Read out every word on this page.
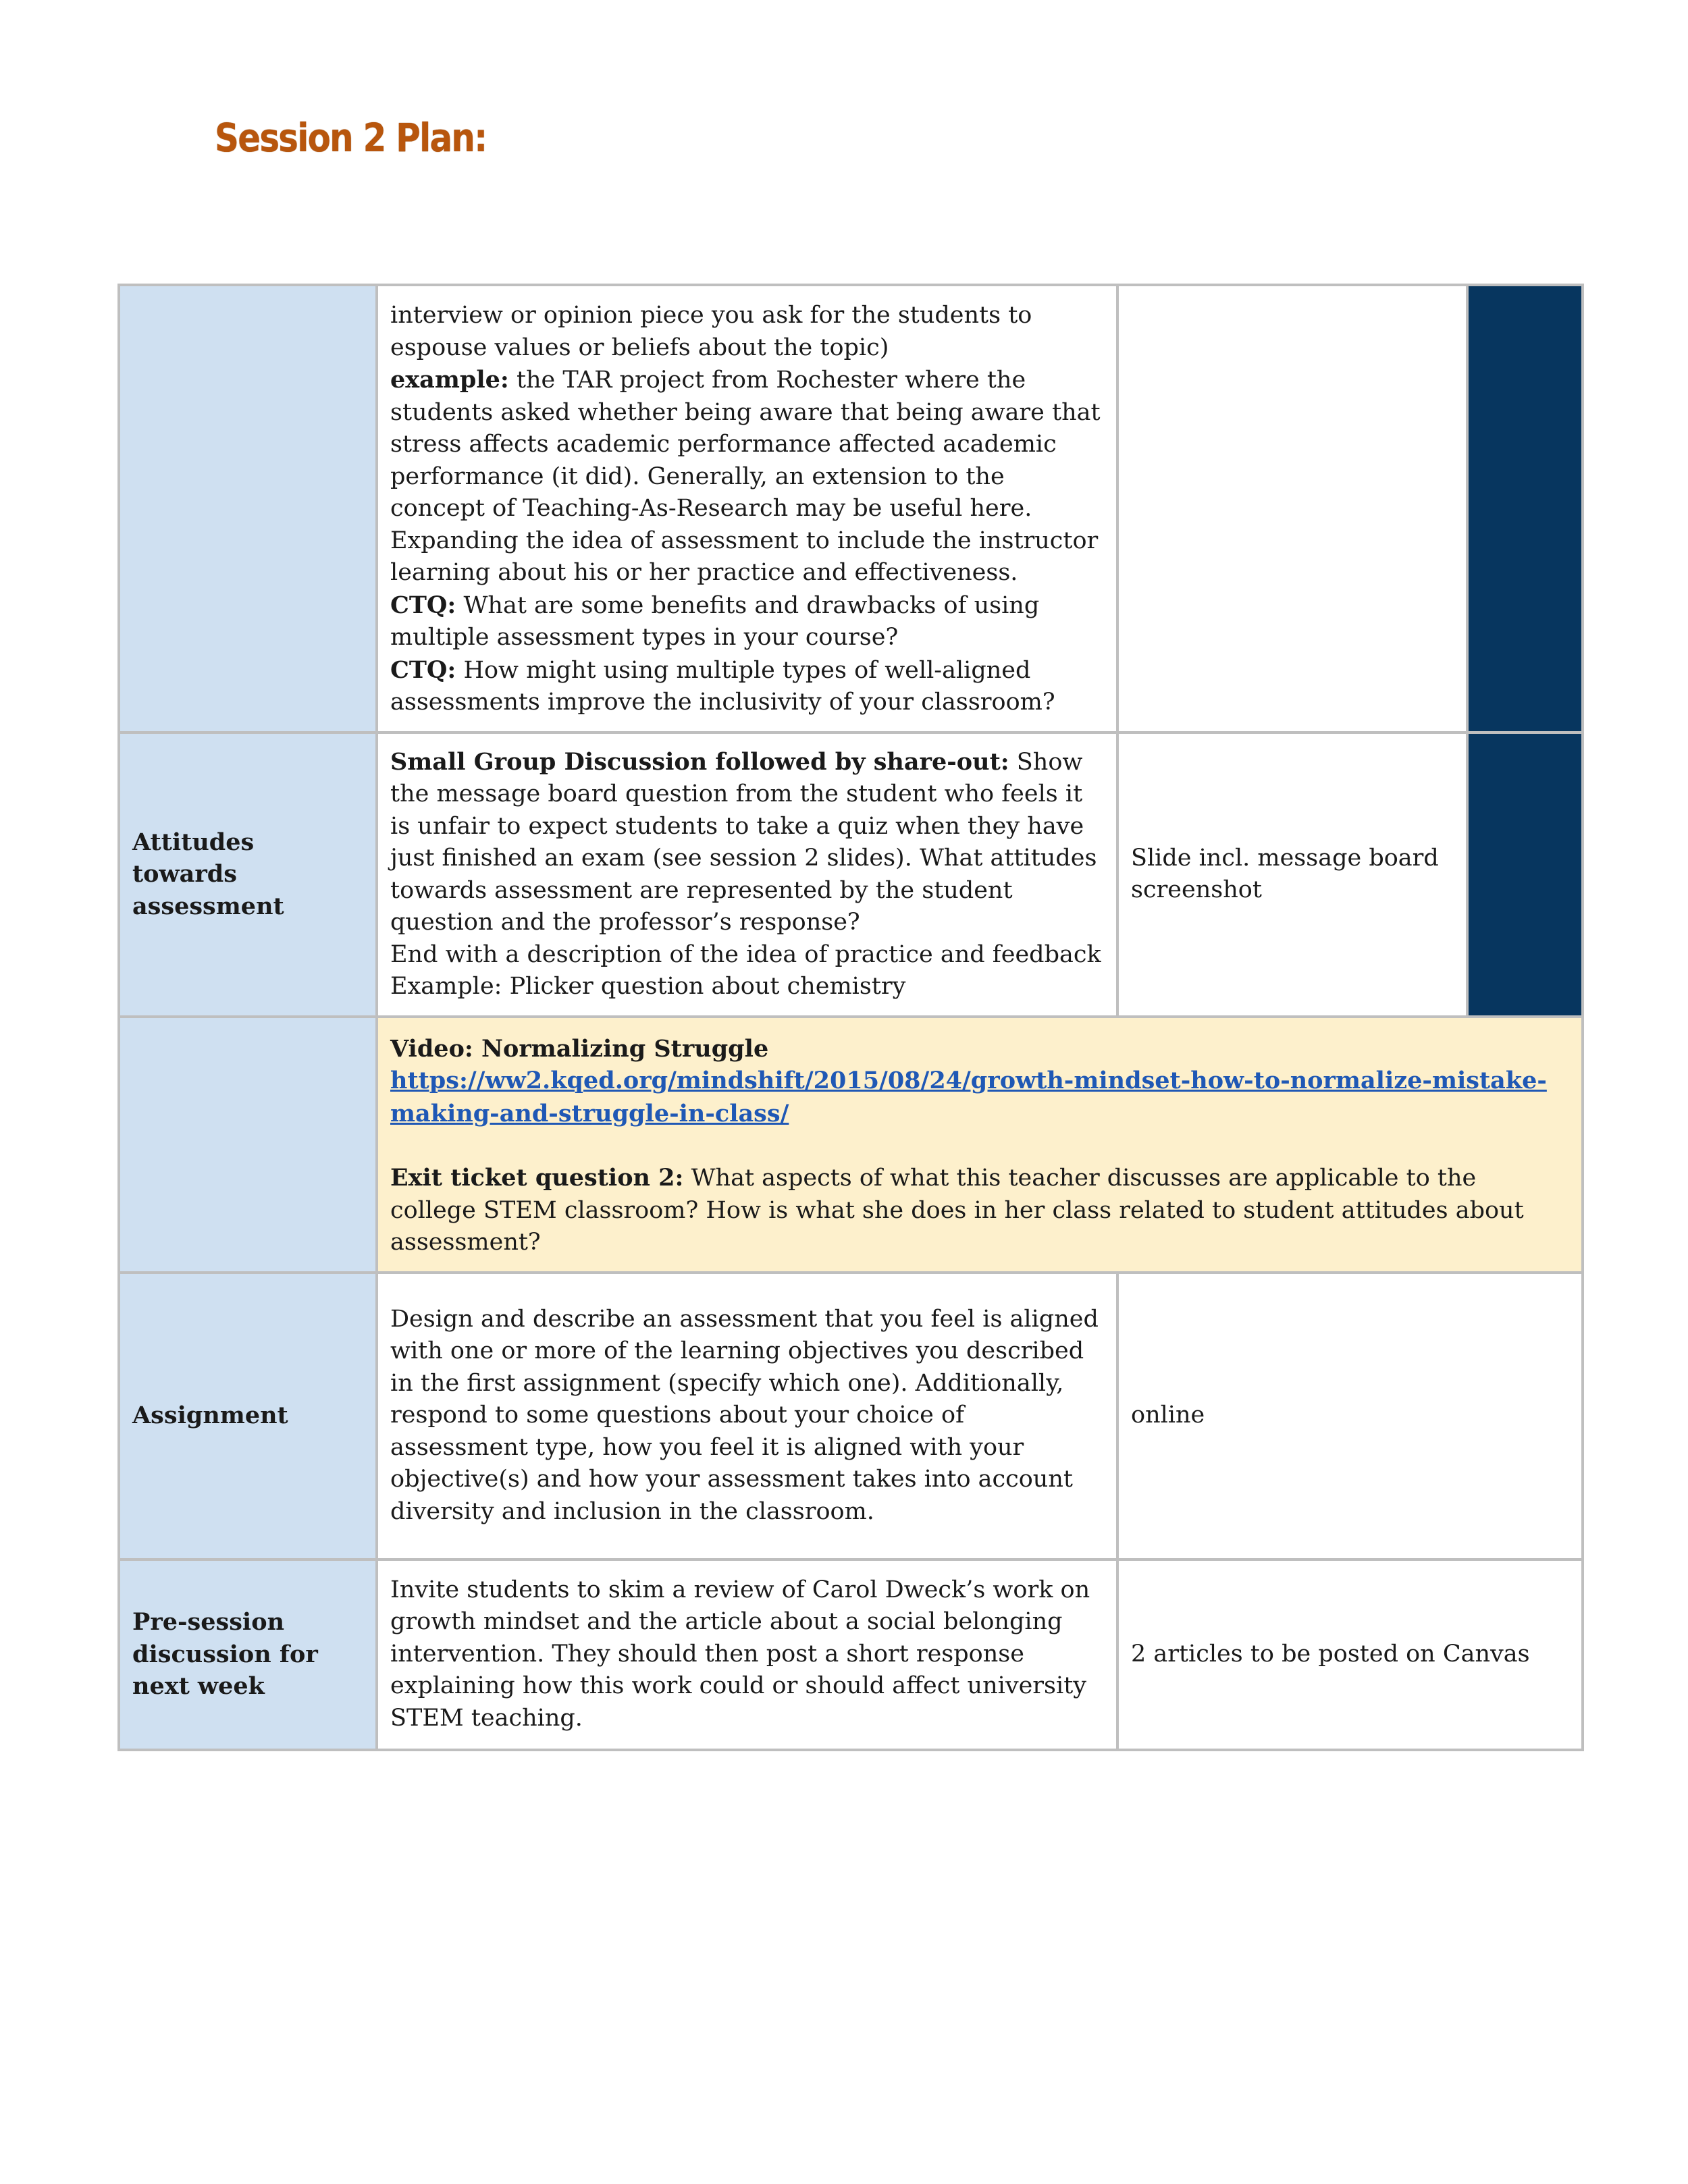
Session 2 Plan:

	interview or opinion piece you ask for the students to espouse values or beliefs about the topic)
example: the TAR project from Rochester where the students asked whether being aware that being aware that stress affects academic performance affected academic performance (it did). Generally, an extension to the concept of Teaching-As-Research may be useful here. Expanding the idea of assessment to include the instructor learning about his or her practice and effectiveness.
CTQ: What are some benefits and drawbacks of using multiple assessment types in your course?
CTQ: How might using multiple types of well-aligned assessments improve the inclusivity of your classroom?		

Attitudes towards assessment	Small Group Discussion followed by share-out: Show the message board question from the student who feels it is unfair to expect students to take a quiz when they have just finished an exam (see session 2 slides). What attitudes towards assessment are represented by the student question and the professor’s response?
End with a description of the idea of practice and feedback
Example: Plicker question about chemistry	Slide incl. message board screenshot	

	Video: Normalizing Struggle
https://ww2.kqed.org/mindshift/2015/08/24/growth-mindset-how-to-normalize-mistake-making-and-struggle-in-class/
Exit ticket question 2: What aspects of what this teacher discusses are applicable to the college STEM classroom? How is what she does in her class related to student attitudes about assessment?		

Assignment	Design and describe an assessment that you feel is aligned with one or more of the learning objectives you described in the first assignment (specify which one). Additionally, respond to some questions about your choice of assessment type, how you feel it is aligned with your objective(s) and how your assessment takes into account diversity and inclusion in the classroom.	online	
Pre-session discussion for next week	Invite students to skim a review of Carol Dweck’s work on growth mindset and the article about a social belonging intervention. They should then post a short response explaining how this work could or should affect university STEM teaching.	2 articles to be posted on Canvas	
